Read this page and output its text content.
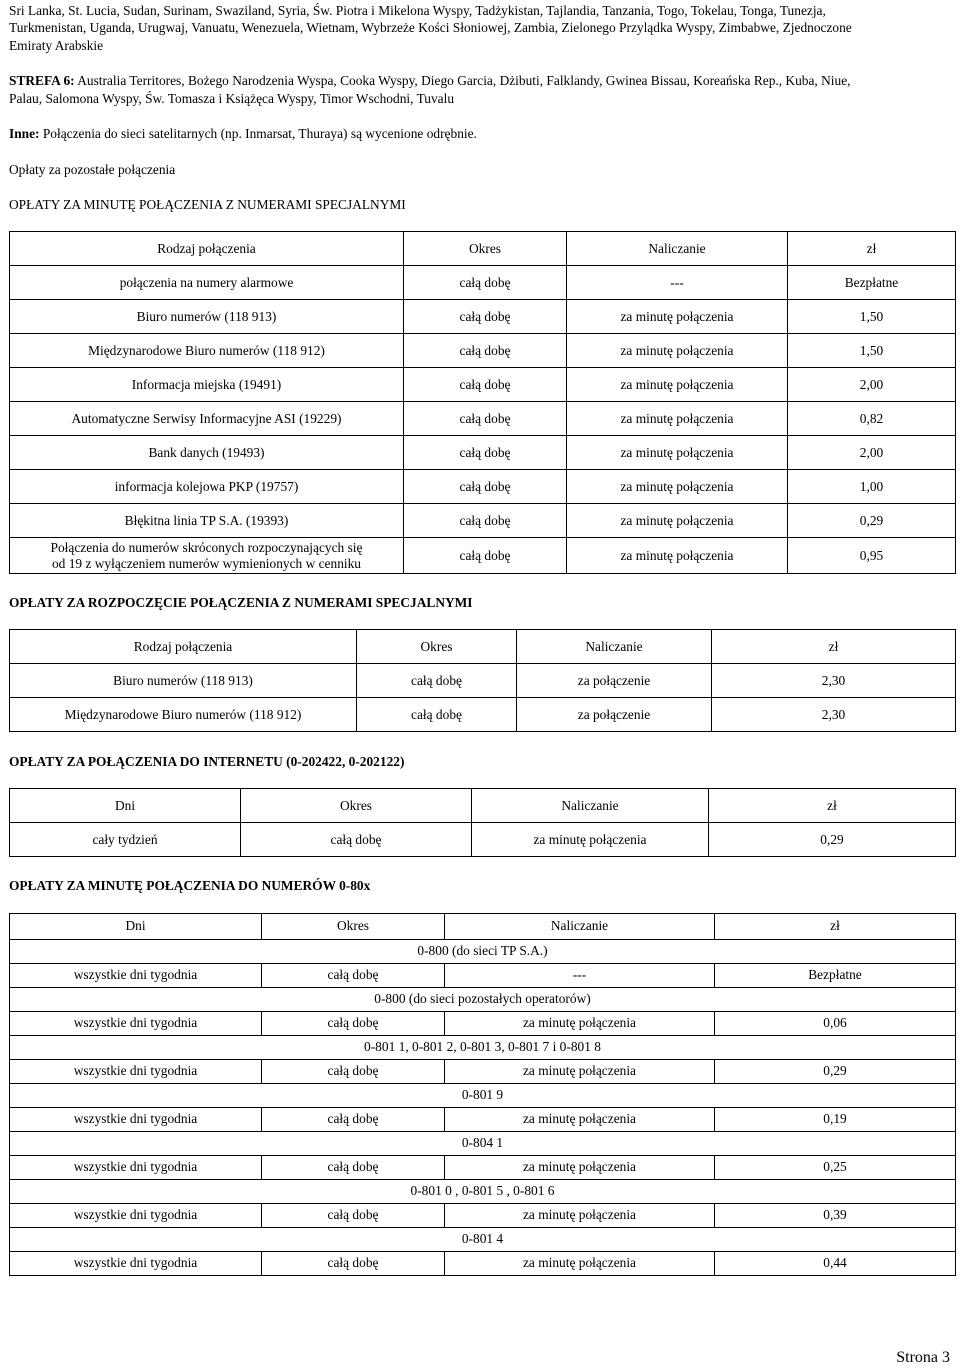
Sri Lanka, St. Lucia, Sudan, Surinam, Swaziland, Syria, Św. Piotra i Mikelona Wyspy, Tadżykistan, Tajlandia, Tanzania, Togo, Tokelau, Tonga, Tunezja,

Turkmenistan, Uganda, Urugwaj, Vanuatu, Wenezuela, Wietnam, Wybrzeże Kości Słoniowej, Zambia, Zielonego Przylądka Wyspy, Zimbabwe, Zjednoczone

Emiraty Arabskie

STREFA 6: Australia Territores, Bożego Narodzenia Wyspa, Cooka Wyspy, Diego Garcia, Dżibuti, Falklandy, Gwinea Bissau, Koreańska Rep., Kuba, Niue,

Palau, Salomona Wyspy, Św. Tomasza i Książęca Wyspy, Timor Wschodni, Tuvalu

Inne: Połączenia do sieci satelitarnych (np. Inmarsat, Thuraya) są wycenione odrębnie.

Opłaty za pozostałe połączenia
OPŁATY ZA MINUTĘ POŁĄCZENIA Z NUMERAMI SPECJALNYMI
Rodzaj połączenia	Okres	Naliczanie	zł
połączenia na numery alarmowe	całą dobę	---	Bezpłatne
Biuro numerów (118 913)	całą dobę	za minutę połączenia	1,50
Międzynarodowe Biuro numerów (118 912)	całą dobę	za minutę połączenia	1,50
Informacja miejska (19491)	całą dobę	za minutę połączenia	2,00
Automatyczne Serwisy Informacyjne ASI (19229)	całą dobę	za minutę połączenia	0,82
Bank danych (19493)	całą dobę	za minutę połączenia	2,00
informacja kolejowa PKP (19757)	całą dobę	za minutę połączenia	1,00
Błękitna linia TP S.A. (19393)	całą dobę	za minutę połączenia	0,29

Połączenia do numerów skróconych rozpoczynających się
od 19 z wyłączeniem numerów wymienionych w cenniku	całą dobę	za minutę połączenia	0,95
OPŁATY ZA ROZPOCZĘCIE POŁĄCZENIA Z NUMERAMI SPECJALNYMI
Rodzaj połączenia	Okres	Naliczanie	zł
Biuro numerów (118 913)	całą dobę	za połączenie	2,30
Międzynarodowe Biuro numerów (118 912)	całą dobę	za połączenie	2,30
OPŁATY ZA POŁĄCZENIA DO INTERNETU (0-202422, 0-202122)
Dni	Okres	Naliczanie	zł
cały tydzień	całą dobę	za minutę połączenia	0,29
OPŁATY ZA MINUTĘ POŁĄCZENIA DO NUMERÓW 0-80x
Dni	Okres	Naliczanie	zł
0-800 (do sieci TP S.A.)			
wszystkie dni tygodnia	całą dobę	---	Bezpłatne
0-800 (do sieci pozostałych operatorów)			
wszystkie dni tygodnia	całą dobę	za minutę połączenia	0,06
0-801 1, 0-801 2, 0-801 3, 0-801 7 i 0-801 8			
wszystkie dni tygodnia	całą dobę	za minutę połączenia	0,29
0-801 9			
wszystkie dni tygodnia	całą dobę	za minutę połączenia	0,19
0-804 1			
wszystkie dni tygodnia	całą dobę	za minutę połączenia	0,25
0-801 0 , 0-801 5 , 0-801 6			
wszystkie dni tygodnia	całą dobę	za minutę połączenia	0,39
0-801 4			
wszystkie dni tygodnia	całą dobę	za minutę połączenia	0,44
Strona 3
